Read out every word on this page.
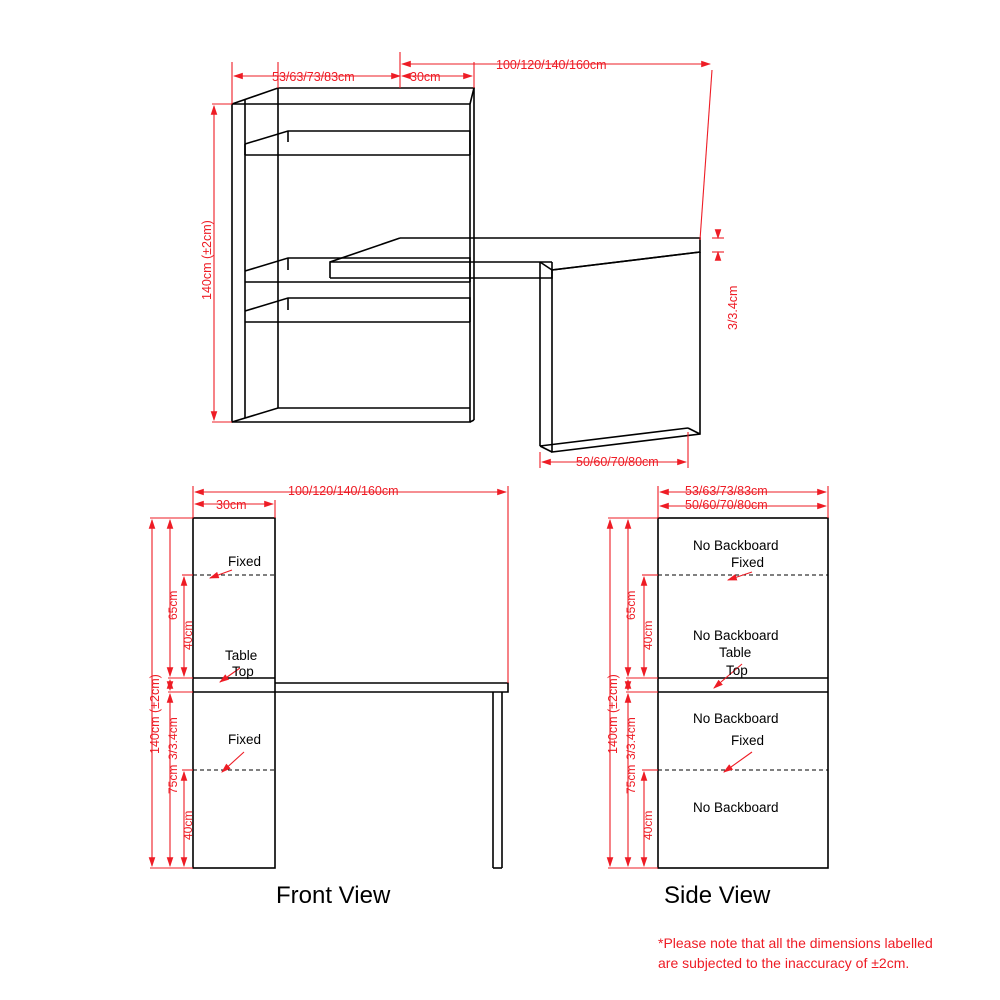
53/63/73/83cm	30cm
100/120/140/160cm
140cm (±2cm)
3/3.4cm
50/60/70/80cm
100/120/140/160cm
30cm
140cm (±2cm)
65cm
40cm
3/3.4cm
75cm
40cm
Fixed
Table
Top
Fixed
Front View
53/63/73/83cm
50/60/70/80cm
140cm (±2cm)
65cm
40cm
3/3.4cm
75cm
40cm
No Backboard
Fixed
No Backboard
Table
Top
No Backboard
Fixed
No Backboard
Side View
*Please note that all the dimensions labelled
are subjected to the inaccuracy of ±2cm.
